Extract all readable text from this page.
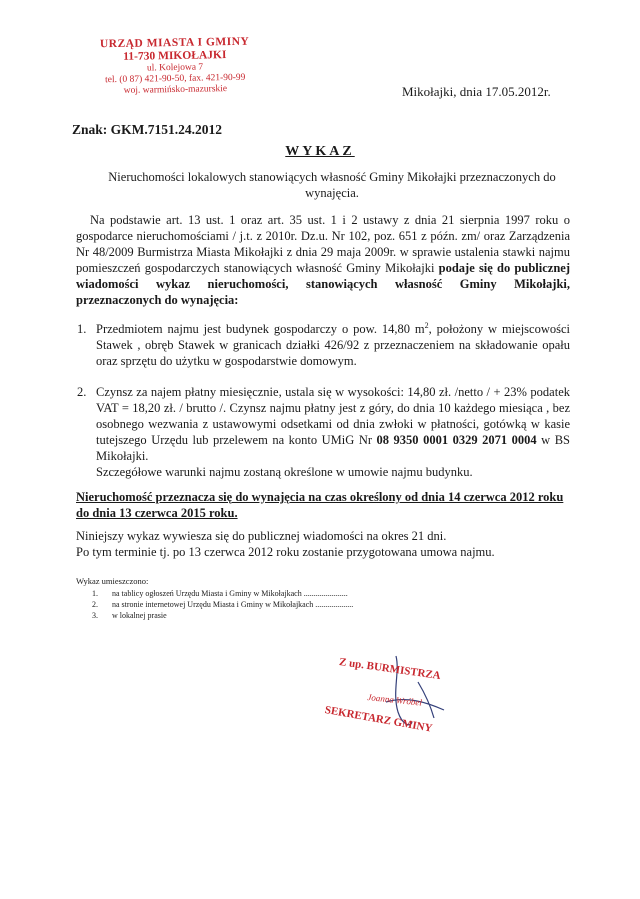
URZĄD MIASTA I GMINY
11-730 MIKOŁAJKI
ul. Kolejowa 7
tel. (0 87) 421-90-50, fax. 421-90-99
woj. warmińsko-mazurskie	Mikołajki, dnia 17.05.2012r.
Znak: GKM.7151.24.2012
WYKAZ
Nieruchomości lokalowych stanowiących własność Gminy Mikołajki przeznaczonych do wynajęcia.
Na podstawie art. 13 ust. 1 oraz art. 35 ust. 1 i 2 ustawy z dnia 21 sierpnia 1997 roku o gospodarce nieruchomościami / j.t. z 2010r. Dz.u. Nr 102, poz. 651 z późn. zm/ oraz Zarządzenia Nr 48/2009 Burmistrza Miasta Mikołajki z dnia 29 maja 2009r. w sprawie ustalenia stawki najmu pomieszczeń gospodarczych stanowiących własność Gminy Mikołajki podaje się do publicznej wiadomości wykaz nieruchomości, stanowiących własność Gminy Mikołajki, przeznaczonych do wynajęcia:
1. Przedmiotem najmu jest budynek gospodarczy o pow. 14,80 $m^2$, położony w miejscowości Stawek , obręb Stawek w granicach działki 426/92 z przeznaczeniem na składowanie opału oraz sprzętu do użytku w gospodarstwie domowym.
2. Czynsz za najem płatny miesięcznie, ustala się w wysokości: 14,80 zł. /netto / + 23% podatek VAT = 18,20 zł. / brutto /. Czynsz najmu płatny jest z góry, do dnia 10 każdego miesiąca , bez osobnego wezwania z ustawowymi odsetkami od dnia zwłoki w płatności, gotówką w kasie tutejszego Urzędu lub przelewem na konto UMiG Nr 08 9350 0001 0329 2071 0004 w BS Mikołajki.
Szczegółowe warunki najmu zostaną określone w umowie najmu budynku.
Nieruchomość przeznacza się do wynajęcia na czas określony od dnia 14 czerwca 2012 roku do dnia 13 czerwca 2015 roku.
Niniejszy wykaz wywiesza się do publicznej wiadomości na okres 21 dni.
Po tym terminie tj. po 13 czerwca 2012 roku zostanie przygotowana umowa najmu.
Wykaz umieszczono:
1. na tablicy ogłoszeń Urzędu Miasta i Gminy w Mikołajkach ......................
2. na stronie internetowej Urzędu Miasta i Gminy w Mikołajkach ...................
3. w lokalnej prasie
Z up. BURMISTRZA
Joanna Wróbel
SEKRETARZ GMINY
